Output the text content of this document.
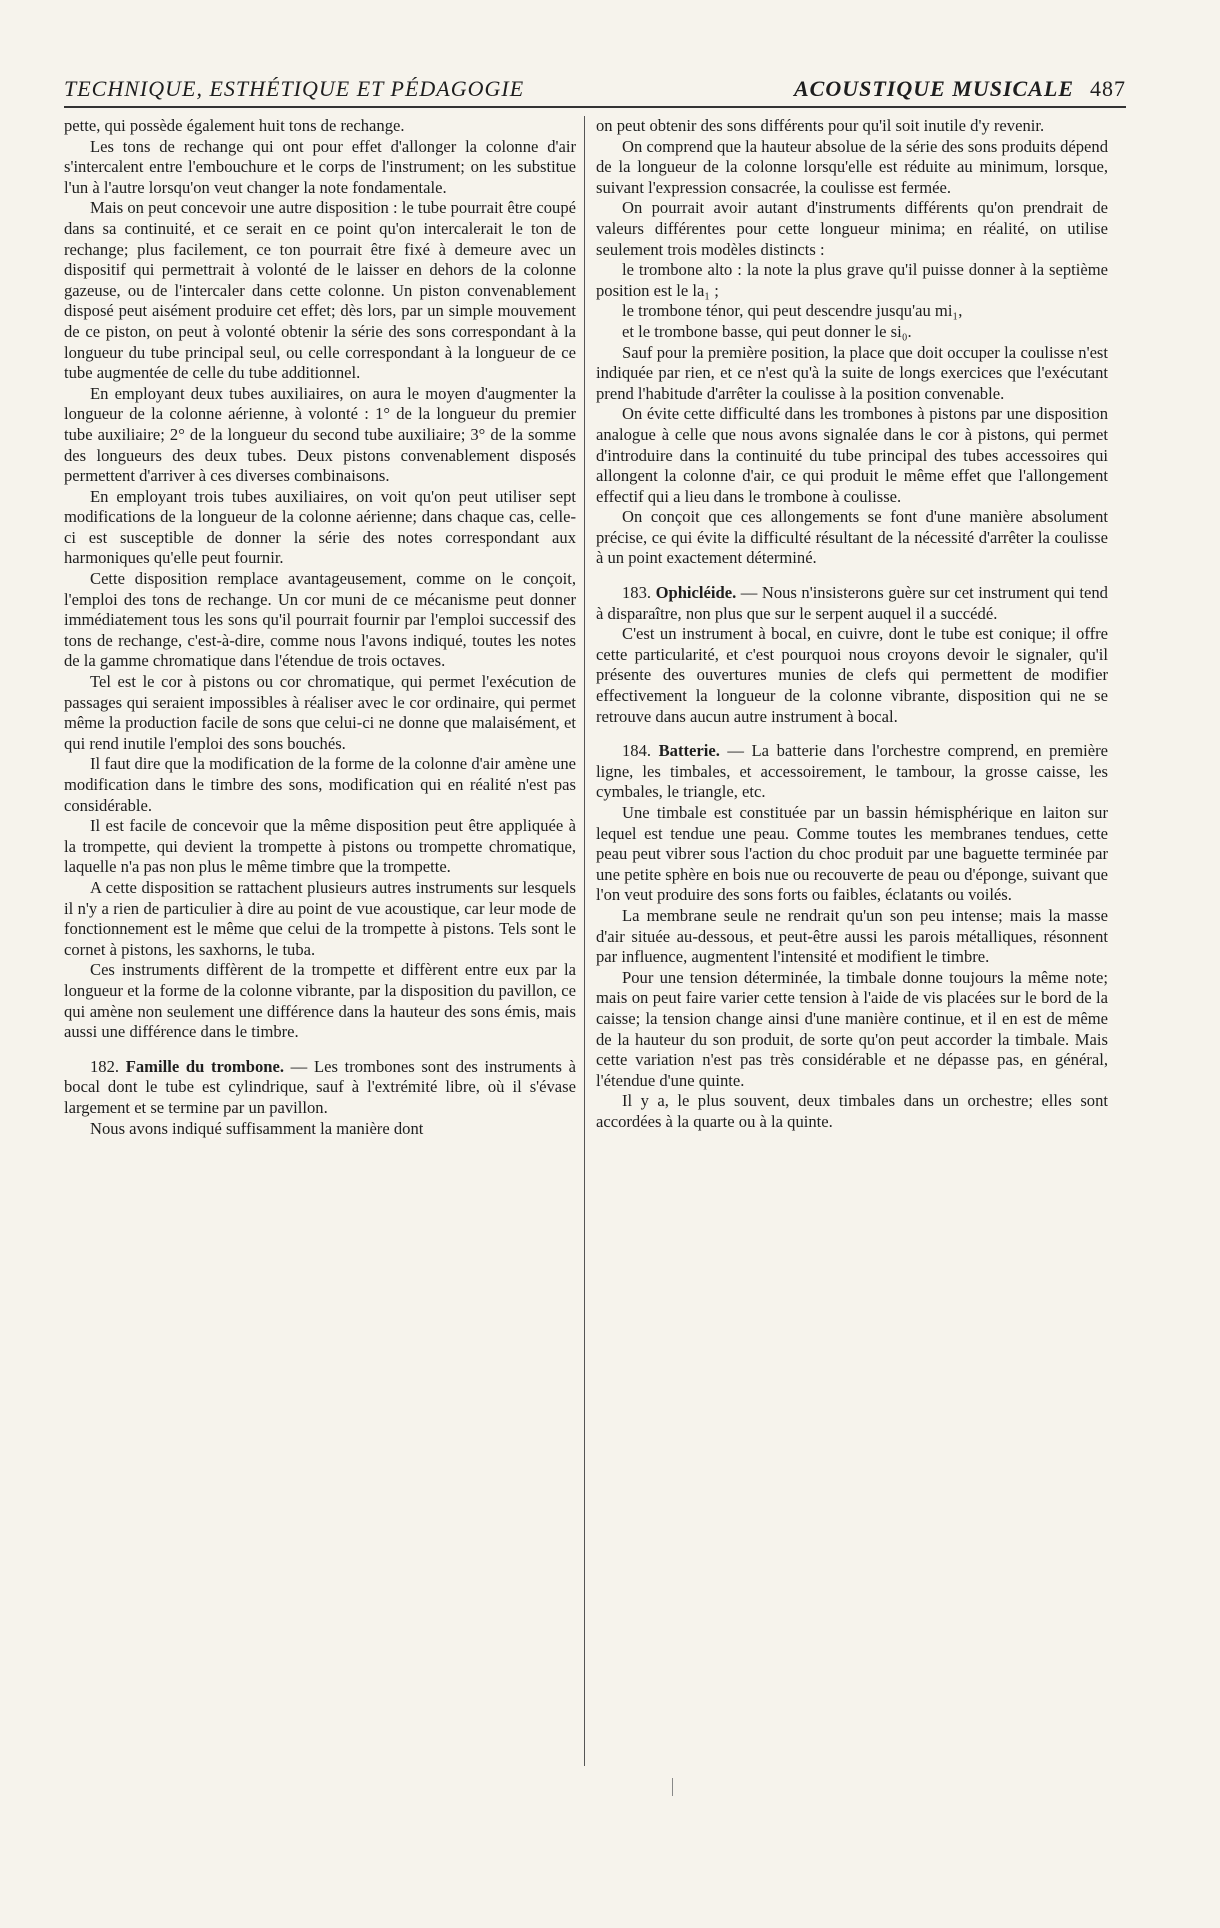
TECHNIQUE, ESTHÉTIQUE ET PÉDAGOGIE	ACOUSTIQUE MUSICALE 487

pette, qui possède également huit tons de rechange.

Les tons de rechange qui ont pour effet d'allonger la colonne d'air s'intercalent entre l'embouchure et le corps de l'instrument; on les substitue l'un à l'autre lorsqu'on veut changer la note fondamentale.

Mais on peut concevoir une autre disposition : le tube pourrait être coupé dans sa continuité, et ce serait en ce point qu'on intercalerait le ton de rechange; plus facilement, ce ton pourrait être fixé à demeure avec un dispositif qui permettrait à volonté de le laisser en dehors de la colonne gazeuse, ou de l'intercaler dans cette colonne. Un piston convenablement disposé peut aisément produire cet effet; dès lors, par un simple mouvement de ce piston, on peut à volonté obtenir la série des sons correspondant à la longueur du tube principal seul, ou celle correspondant à la longueur de ce tube augmentée de celle du tube additionnel.

En employant deux tubes auxiliaires, on aura le moyen d'augmenter la longueur de la colonne aérienne, à volonté : 1° de la longueur du premier tube auxiliaire; 2° de la longueur du second tube auxiliaire; 3° de la somme des longueurs des deux tubes. Deux pistons convenablement disposés permettent d'arriver à ces diverses combinaisons.

En employant trois tubes auxiliaires, on voit qu'on peut utiliser sept modifications de la longueur de la colonne aérienne; dans chaque cas, celle-ci est susceptible de donner la série des notes correspondant aux harmoniques qu'elle peut fournir.

Cette disposition remplace avantageusement, comme on le conçoit, l'emploi des tons de rechange. Un cor muni de ce mécanisme peut donner immédiatement tous les sons qu'il pourrait fournir par l'emploi successif des tons de rechange, c'est-à-dire, comme nous l'avons indiqué, toutes les notes de la gamme chromatique dans l'étendue de trois octaves.

Tel est le cor à pistons ou cor chromatique, qui permet l'exécution de passages qui seraient impossibles à réaliser avec le cor ordinaire, qui permet même la production facile de sons que celui-ci ne donne que malaisément, et qui rend inutile l'emploi des sons bouchés.

Il faut dire que la modification de la forme de la colonne d'air amène une modification dans le timbre des sons, modification qui en réalité n'est pas considérable.

Il est facile de concevoir que la même disposition peut être appliquée à la trompette, qui devient la trompette à pistons ou trompette chromatique, laquelle n'a pas non plus le même timbre que la trompette.

A cette disposition se rattachent plusieurs autres instruments sur lesquels il n'y a rien de particulier à dire au point de vue acoustique, car leur mode de fonctionnement est le même que celui de la trompette à pistons. Tels sont le cornet à pistons, les saxhorns, le tuba.

Ces instruments diffèrent de la trompette et diffèrent entre eux par la longueur et la forme de la colonne vibrante, par la disposition du pavillon, ce qui amène non seulement une différence dans la hauteur des sons émis, mais aussi une différence dans le timbre.

182. Famille du trombone. — Les trombones sont des instruments à bocal dont le tube est cylindrique, sauf à l'extrémité libre, où il s'évase largement et se termine par un pavillon.

Nous avons indiqué suffisamment la manière dont

on peut obtenir des sons différents pour qu'il soit inutile d'y revenir.

On comprend que la hauteur absolue de la série des sons produits dépend de la longueur de la colonne lorsqu'elle est réduite au minimum, lorsque, suivant l'expression consacrée, la coulisse est fermée.

On pourrait avoir autant d'instruments différents qu'on prendrait de valeurs différentes pour cette longueur minima; en réalité, on utilise seulement trois modèles distincts :

le trombone alto : la note la plus grave qu'il puisse donner à la septième position est le la₁ ;

le trombone ténor, qui peut descendre jusqu'au mi₁,

et le trombone basse, qui peut donner le si₀.

Sauf pour la première position, la place que doit occuper la coulisse n'est indiquée par rien, et ce n'est qu'à la suite de longs exercices que l'exécutant prend l'habitude d'arrêter la coulisse à la position convenable.

On évite cette difficulté dans les trombones à pistons par une disposition analogue à celle que nous avons signalée dans le cor à pistons, qui permet d'introduire dans la continuité du tube principal des tubes accessoires qui allongent la colonne d'air, ce qui produit le même effet que l'allongement effectif qui a lieu dans le trombone à coulisse.

On conçoit que ces allongements se font d'une manière absolument précise, ce qui évite la difficulté résultant de la nécessité d'arrêter la coulisse à un point exactement déterminé.

183. Ophicléide. — Nous n'insisterons guère sur cet instrument qui tend à disparaître, non plus que sur le serpent auquel il a succédé.

C'est un instrument à bocal, en cuivre, dont le tube est conique; il offre cette particularité, et c'est pourquoi nous croyons devoir le signaler, qu'il présente des ouvertures munies de clefs qui permettent de modifier effectivement la longueur de la colonne vibrante, disposition qui ne se retrouve dans aucun autre instrument à bocal.

184. Batterie. — La batterie dans l'orchestre comprend, en première ligne, les timbales, et accessoirement, le tambour, la grosse caisse, les cymbales, le triangle, etc.

Une timbale est constituée par un bassin hémisphérique en laiton sur lequel est tendue une peau. Comme toutes les membranes tendues, cette peau peut vibrer sous l'action du choc produit par une baguette terminée par une petite sphère en bois nue ou recouverte de peau ou d'éponge, suivant que l'on veut produire des sons forts ou faibles, éclatants ou voilés.

La membrane seule ne rendrait qu'un son peu intense; mais la masse d'air située au-dessous, et peut-être aussi les parois métalliques, résonnent par influence, augmentent l'intensité et modifient le timbre.

Pour une tension déterminée, la timbale donne toujours la même note; mais on peut faire varier cette tension à l'aide de vis placées sur le bord de la caisse; la tension change ainsi d'une manière continue, et il en est de même de la hauteur du son produit, de sorte qu'on peut accorder la timbale. Mais cette variation n'est pas très considérable et ne dépasse pas, en général, l'étendue d'une quinte.

Il y a, le plus souvent, deux timbales dans un orchestre; elles sont accordées à la quarte ou à la quinte.
